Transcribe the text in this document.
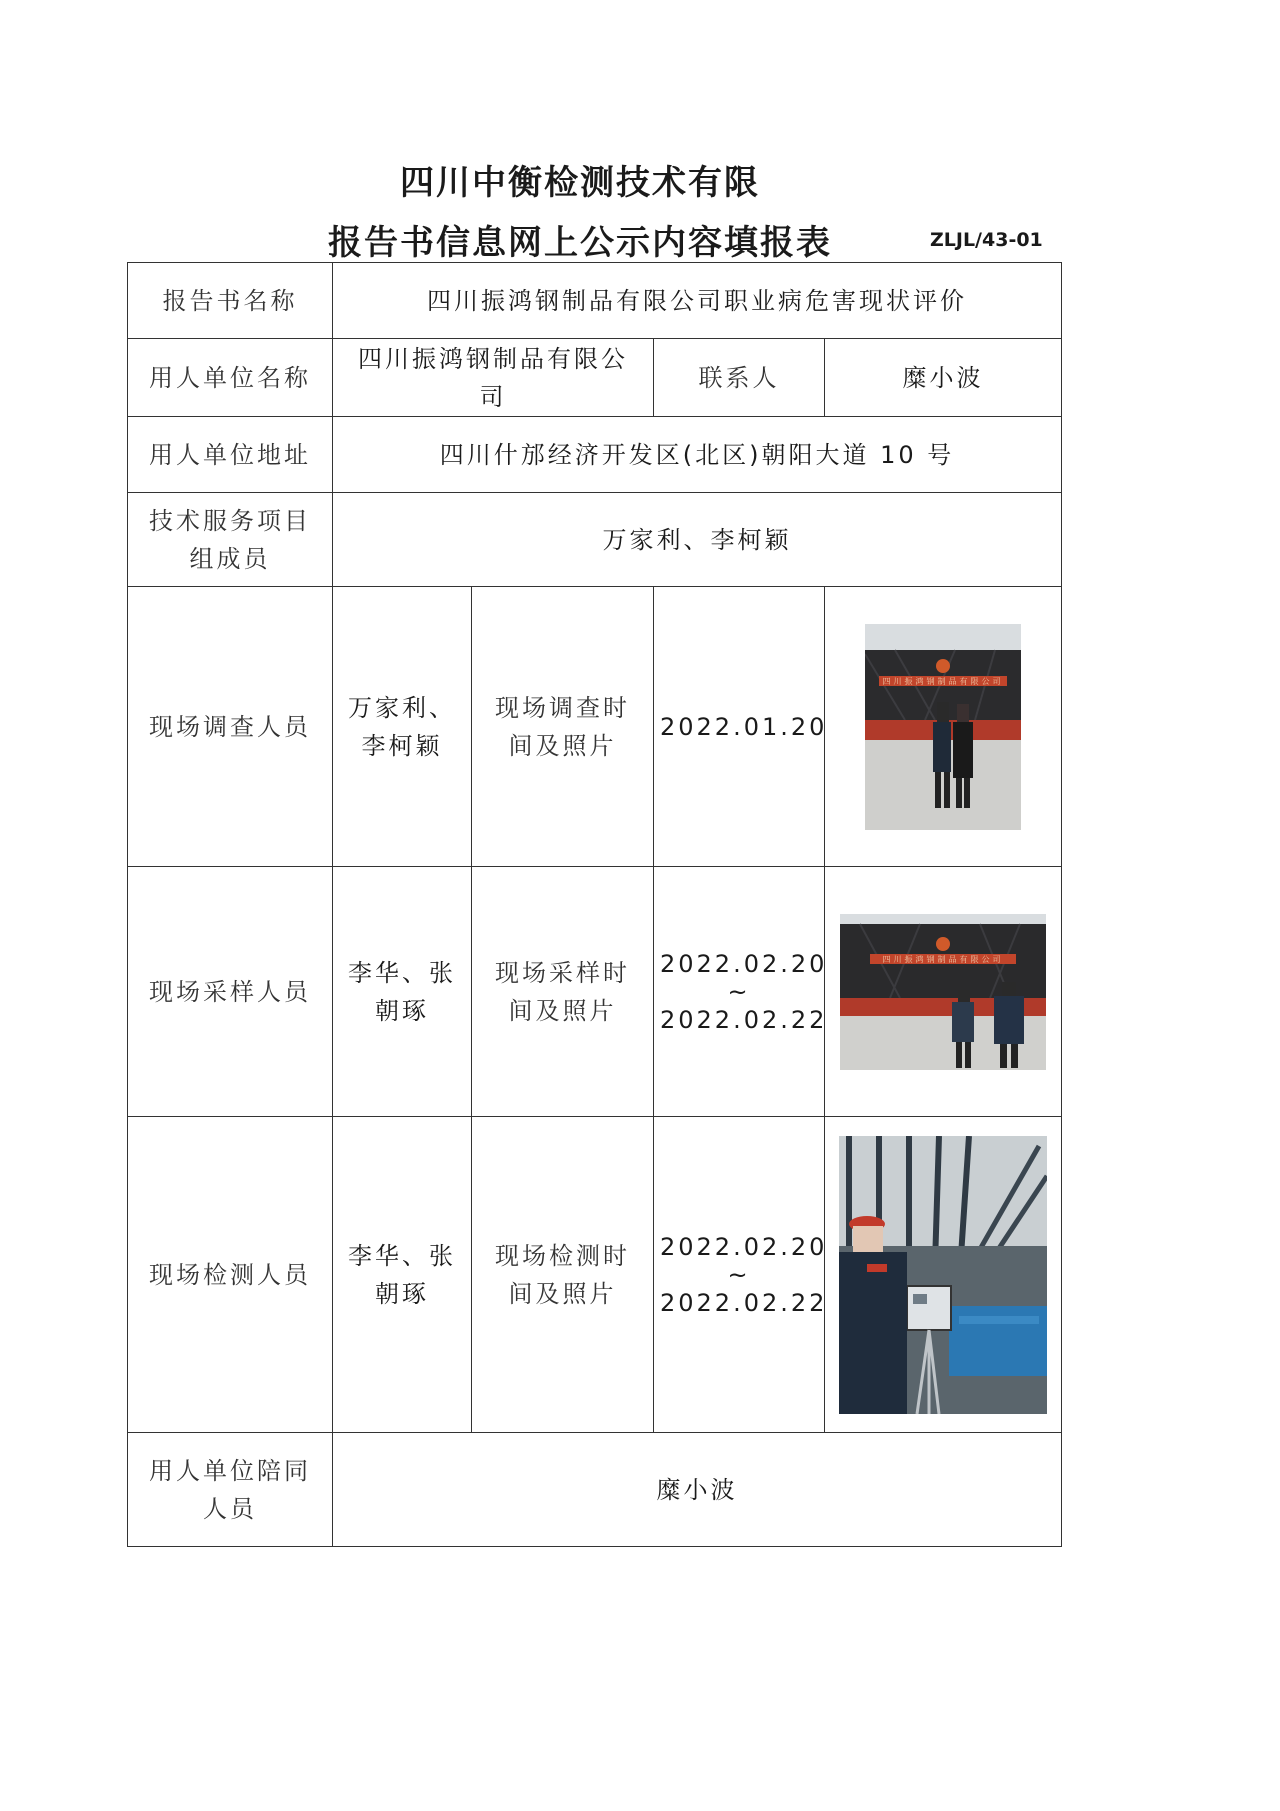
四川中衡检测技术有限
报告书信息网上公示内容填报表	ZLJL/43-01
报告书名称	四川振鸿钢制品有限公司职业病危害现状评价			
用人单位名称	四川振鸿钢制品有限公司		联系人	糜小波
用人单位地址	四川什邡经济开发区(北区)朝阳大道 10 号			
技术服务项目组成员	万家利、李柯颖			
现场调查人员	万家利、李柯颖	现场调查时间及照片	2022.01.20	四川振鸿钢制品有限公司

现场采样人员	李华、张朝琢	现场采样时间及照片	2022.02.20
~
2022.02.22	四川振鸿钢制品有限公司

现场检测人员	李华、张朝琢	现场检测时间及照片	2022.02.20
~
2022.02.22

用人单位陪同人员	糜小波			
